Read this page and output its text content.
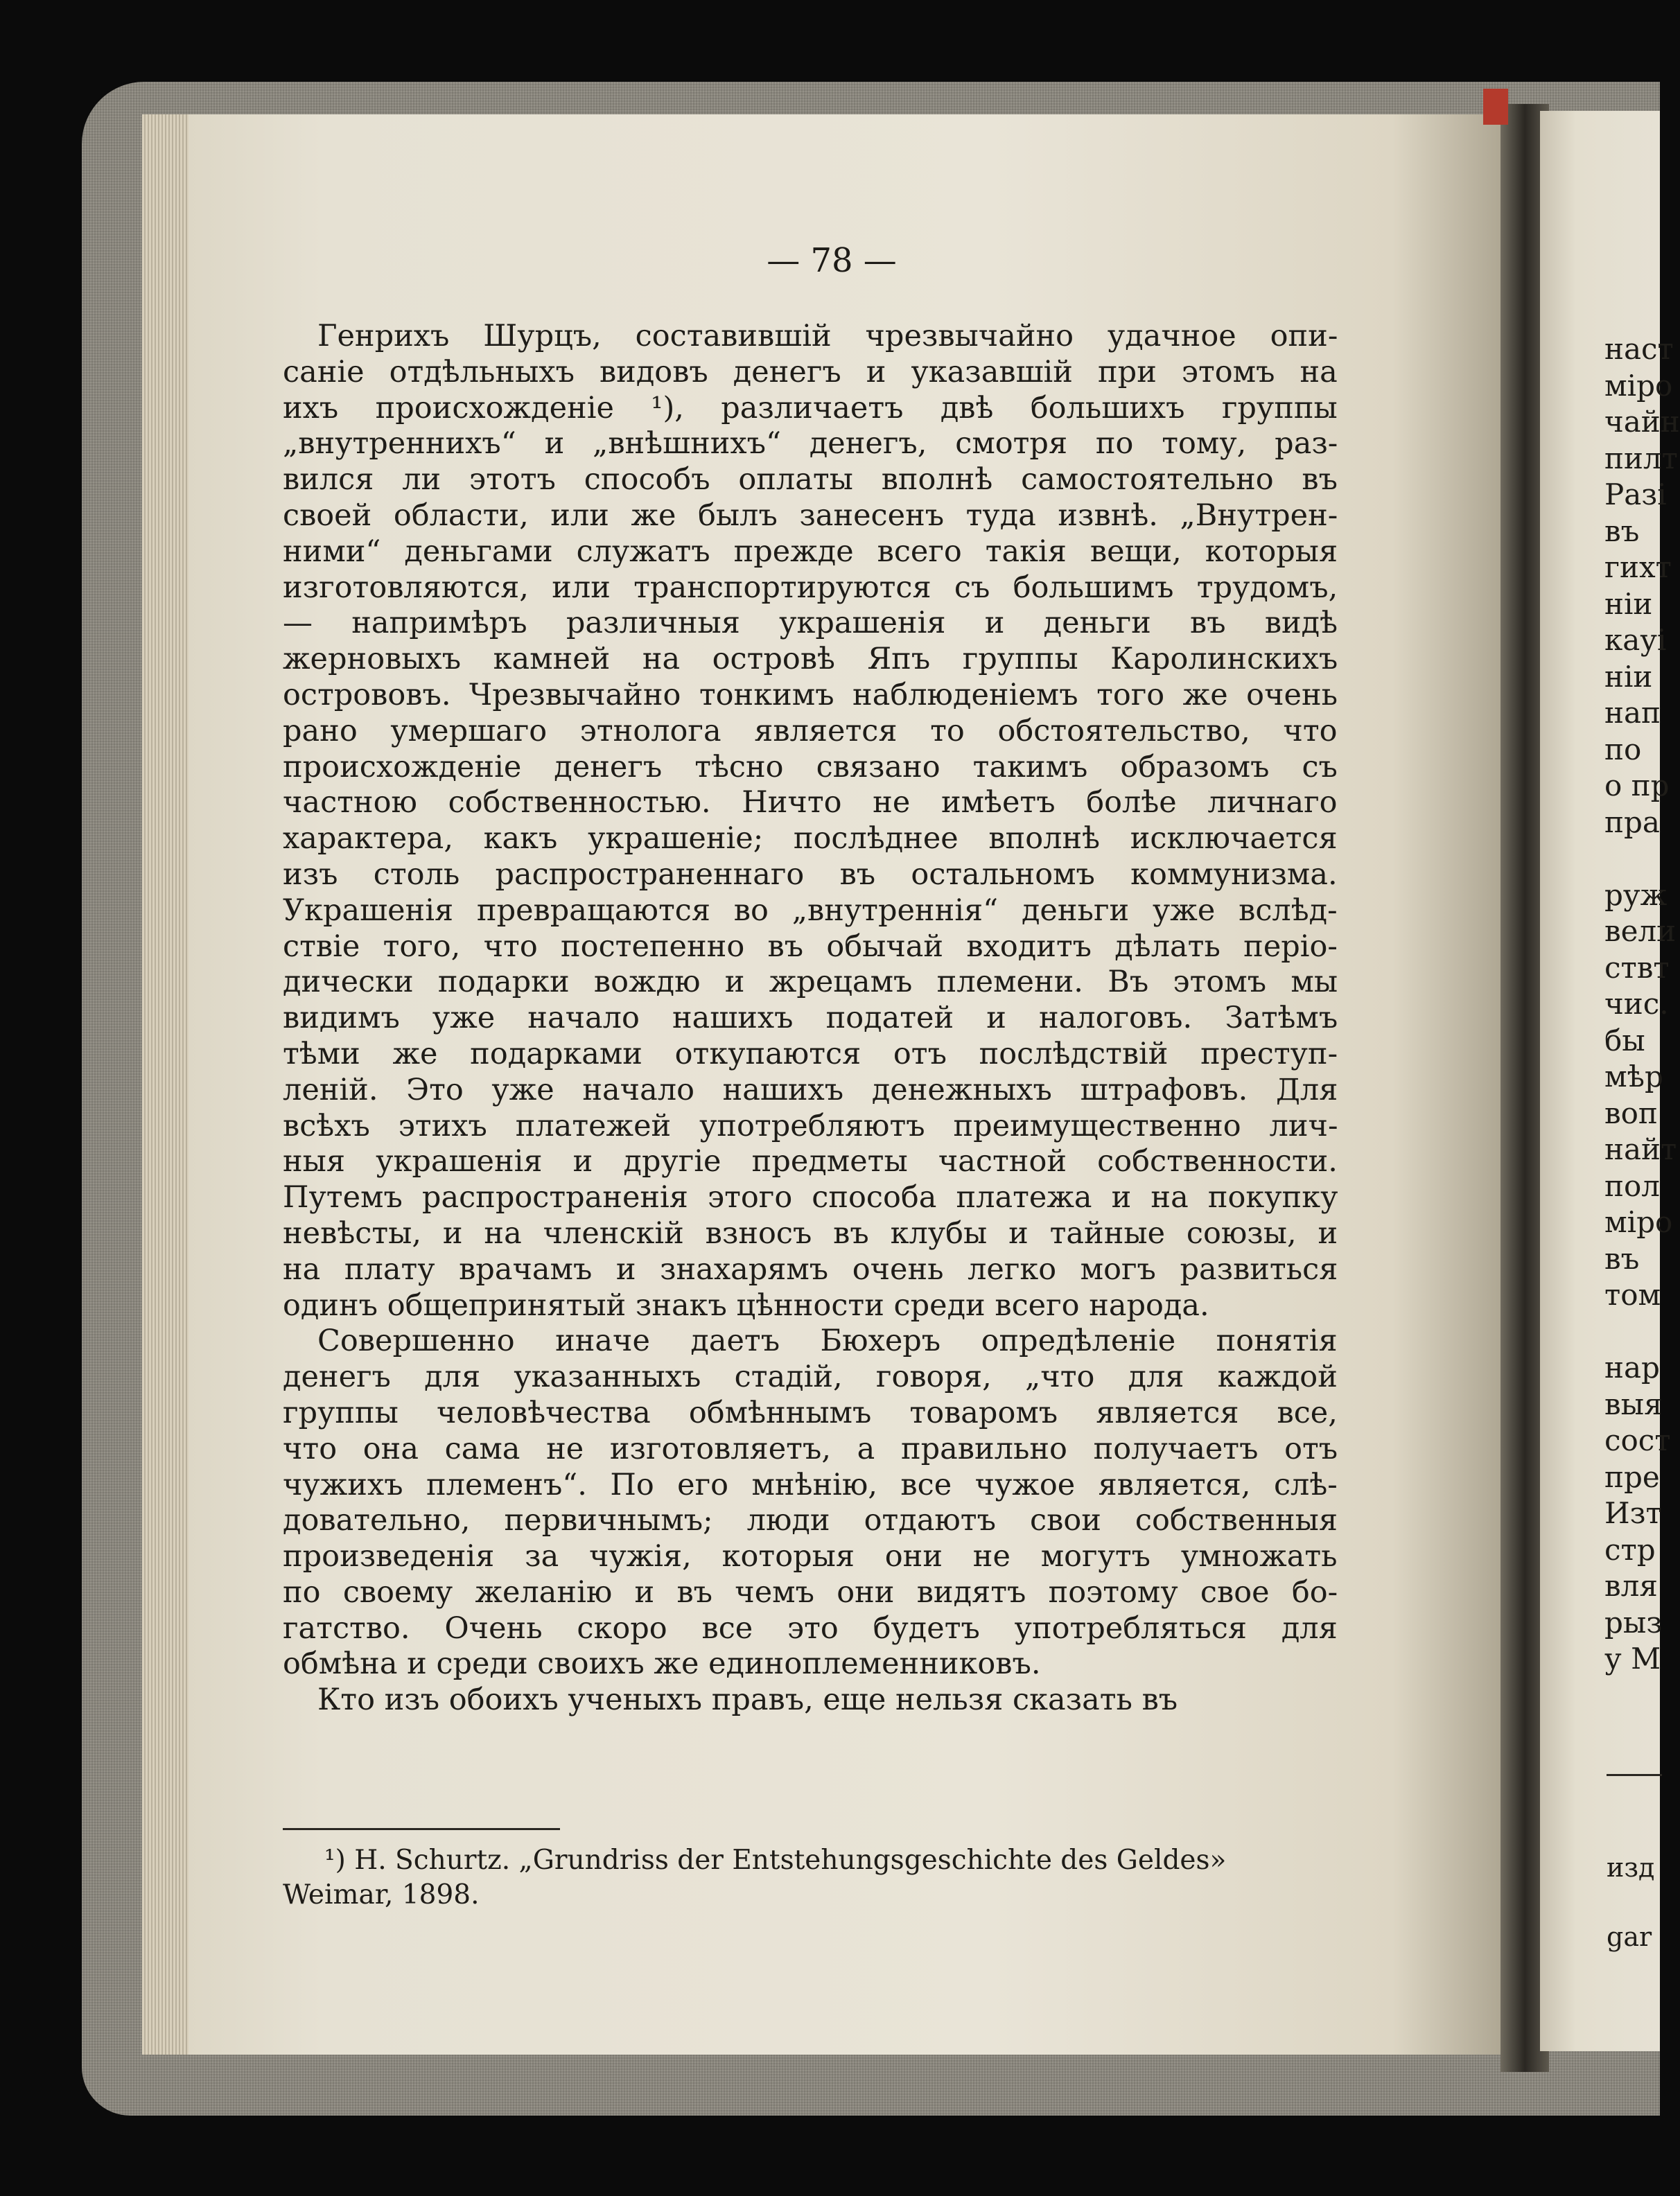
— 78 —
Генрихъ Шурцъ, составившій чрезвычайно удачное опи-
саніе отдѣльныхъ видовъ денегъ и указавшій при этомъ на
ихъ происхожденіе ¹), различаетъ двѣ большихъ группы
„внутреннихъ“ и „внѣшнихъ“ денегъ, смотря по тому, раз-
вился ли этотъ способъ оплаты вполнѣ самостоятельно въ
своей области, или же былъ занесенъ туда извнѣ. „Внутрен-
ними“ деньгами служатъ прежде всего такія вещи, которыя
изготовляются, или транспортируются съ большимъ трудомъ,
— напримѣръ различныя украшенія и деньги въ видѣ
жерновыхъ камней на островѣ Япъ группы Каролинскихъ
острововъ. Чрезвычайно тонкимъ наблюденіемъ того же очень
рано умершаго этнолога является то обстоятельство, что
происхожденіе денегъ тѣсно связано такимъ образомъ съ
частною собственностью. Ничто не имѣетъ болѣе личнаго
характера, какъ украшеніе; послѣднее вполнѣ исключается
изъ столь распространеннаго въ остальномъ коммунизма.
Украшенія превращаются во „внутреннія“ деньги уже вслѣд-
ствіе того, что постепенно въ обычай входитъ дѣлать періо-
дически подарки вождю и жрецамъ племени. Въ этомъ мы
видимъ уже начало нашихъ податей и налоговъ. Затѣмъ
тѣми же подарками откупаются отъ послѣдствій преступ-
леній. Это уже начало нашихъ денежныхъ штрафовъ. Для
всѣхъ этихъ платежей употребляютъ преимущественно лич-
ныя украшенія и другіе предметы частной собственности.
Путемъ распространенія этого способа платежа и на покупку
невѣсты, и на членскій взносъ въ клубы и тайные союзы, и
на плату врачамъ и знахарямъ очень легко могъ развиться
одинъ общепринятый знакъ цѣнности среди всего народа.
Совершенно иначе даетъ Бюхеръ опредѣленіе понятія
денегъ для указанныхъ стадій, говоря, „что для каждой
группы человѣчества обмѣннымъ товаромъ является все,
что она сама не изготовляетъ, а правильно получаетъ отъ
чужихъ племенъ“. По его мнѣнію, все чужое является, слѣ-
довательно, первичнымъ; люди отдаютъ свои собственныя
произведенія за чужія, которыя они не могутъ умножать
по своему желанію и въ чемъ они видятъ поэтому свое бо-
гатство. Очень скоро все это будетъ употребляться для
обмѣна и среди своихъ же единоплеменниковъ.
Кто изъ обоихъ ученыхъ правъ, еще нельзя сказать въ
¹) H. Schurtz. „Grundriss der Entstehungsgeschichte des Geldes»
Weimar, 1898.
наст
міро
чайн
пилт
Разі
въ
гихт
ніи
кауі
ніи
нап
по
о пр
пра
руж
вели
ствт
чис.
бы
мѣр
воп
найт
пол
міро
въ
том
нар
выя
сост
пре
Изт
стр
вля
рыз
у М
изд
gar
